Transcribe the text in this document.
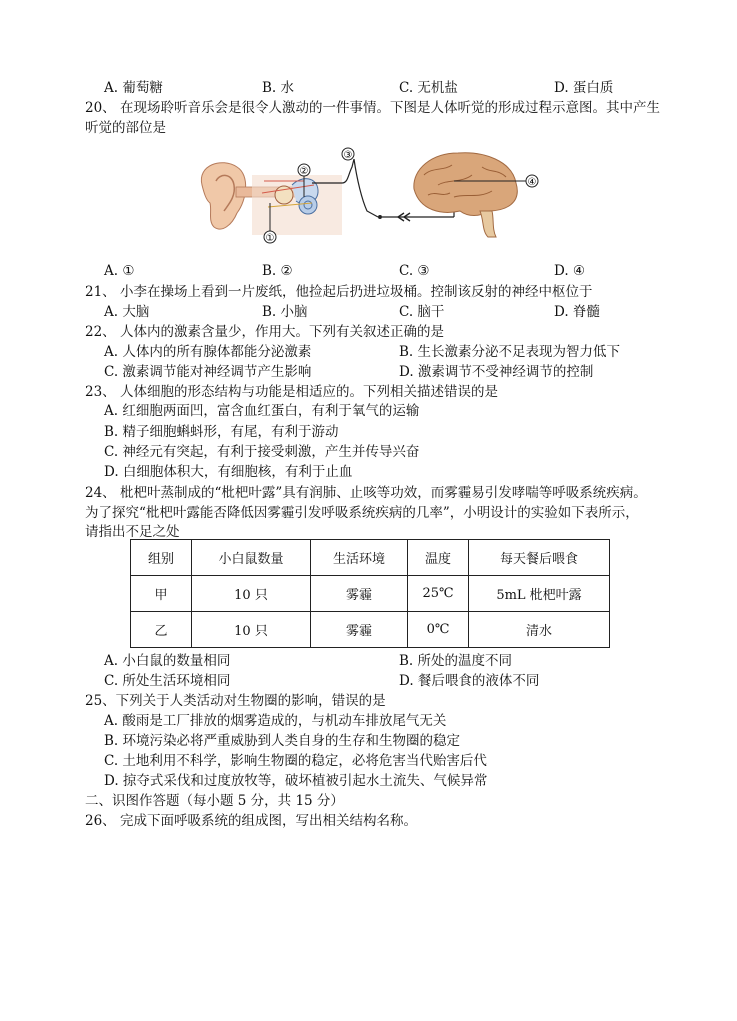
A. 葡萄糖	B. 水	C. 无机盐	D. 蛋白质
20、 在现场聆听音乐会是很令人激动的一件事情。下图是人体听觉的形成过程示意图。其中产生
听觉的部位是
②
①
③
④
A. ①	B. ②	C. ③	D. ④
21、 小李在操场上看到一片废纸，他捡起后扔进垃圾桶。控制该反射的神经中枢位于
A. 大脑	B. 小脑	C. 脑干	D. 脊髓
22、 人体内的激素含量少，作用大。下列有关叙述正确的是
A. 人体内的所有腺体都能分泌激素	B. 生长激素分泌不足表现为智力低下
C. 激素调节能对神经调节产生影响	D. 激素调节不受神经调节的控制
23、 人体细胞的形态结构与功能是相适应的。下列相关描述错误的是
A. 红细胞两面凹，富含血红蛋白，有利于氧气的运输
B. 精子细胞蝌蚪形，有尾，有利于游动
C. 神经元有突起，有利于接受刺激，产生并传导兴奋
D. 白细胞体积大，有细胞核，有利于止血
24、 枇杷叶蒸制成的“枇杷叶露”具有润肺、止咳等功效，而雾霾易引发哮喘等呼吸系统疾病。
为了探究“枇杷叶露能否降低因雾霾引发呼吸系统疾病的几率”，小明设计的实验如下表所示，
请指出不足之处
组别	小白鼠数量	生活环境	温度	每天餐后喂食
甲	10 只	雾霾	25℃	5mL 枇杷叶露
乙	10 只	雾霾	0℃	清水
A. 小白鼠的数量相同	B. 所处的温度不同
C. 所处生活环境相同	D. 餐后喂食的液体不同
25、下列关于人类活动对生物圈的影响，错误的是
A. 酸雨是工厂排放的烟雾造成的，与机动车排放尾气无关
B. 环境污染必将严重威胁到人类自身的生存和生物圈的稳定
C. 土地利用不科学，影响生物圈的稳定，必将危害当代贻害后代
D. 掠夺式采伐和过度放牧等，破坏植被引起水土流失、气候异常
二、识图作答题（每小题 5 分，共 15 分）
26、 完成下面呼吸系统的组成图，写出相关结构名称。
